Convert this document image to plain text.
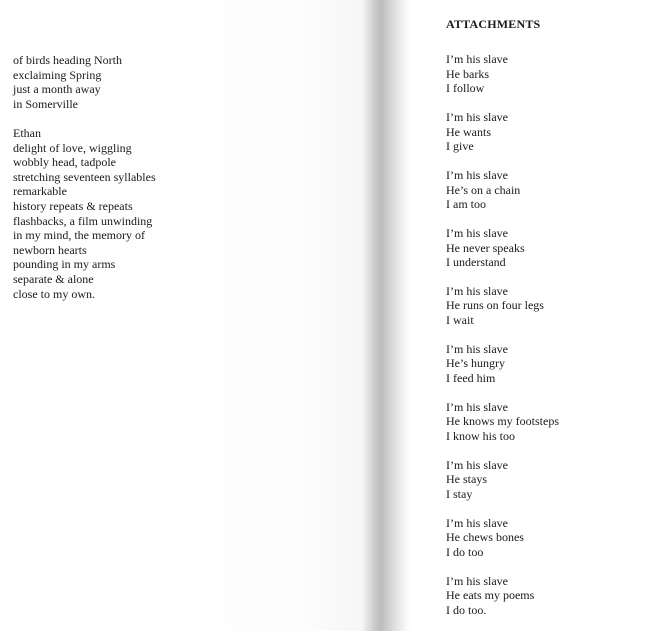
of birds heading North
exclaiming Spring
just a month away
in Somerville
Ethan
delight of love, wiggling
wobbly head, tadpole
stretching seventeen syllables
remarkable
history repeats & repeats
flashbacks, a film unwinding
in my mind, the memory of
newborn hearts
pounding in my arms
separate & alone
close to my own.
ATTACHMENTS
I’m his slave
He barks
I follow
I’m his slave
He wants
I give
I’m his slave
He’s on a chain
I am too
I’m his slave
He never speaks
I understand
I’m his slave
He runs on four legs
I wait
I’m his slave
He’s hungry
I feed him
I’m his slave
He knows my footsteps
I know his too
I’m his slave
He stays
I stay
I’m his slave
He chews bones
I do too
I’m his slave
He eats my poems
I do too.
